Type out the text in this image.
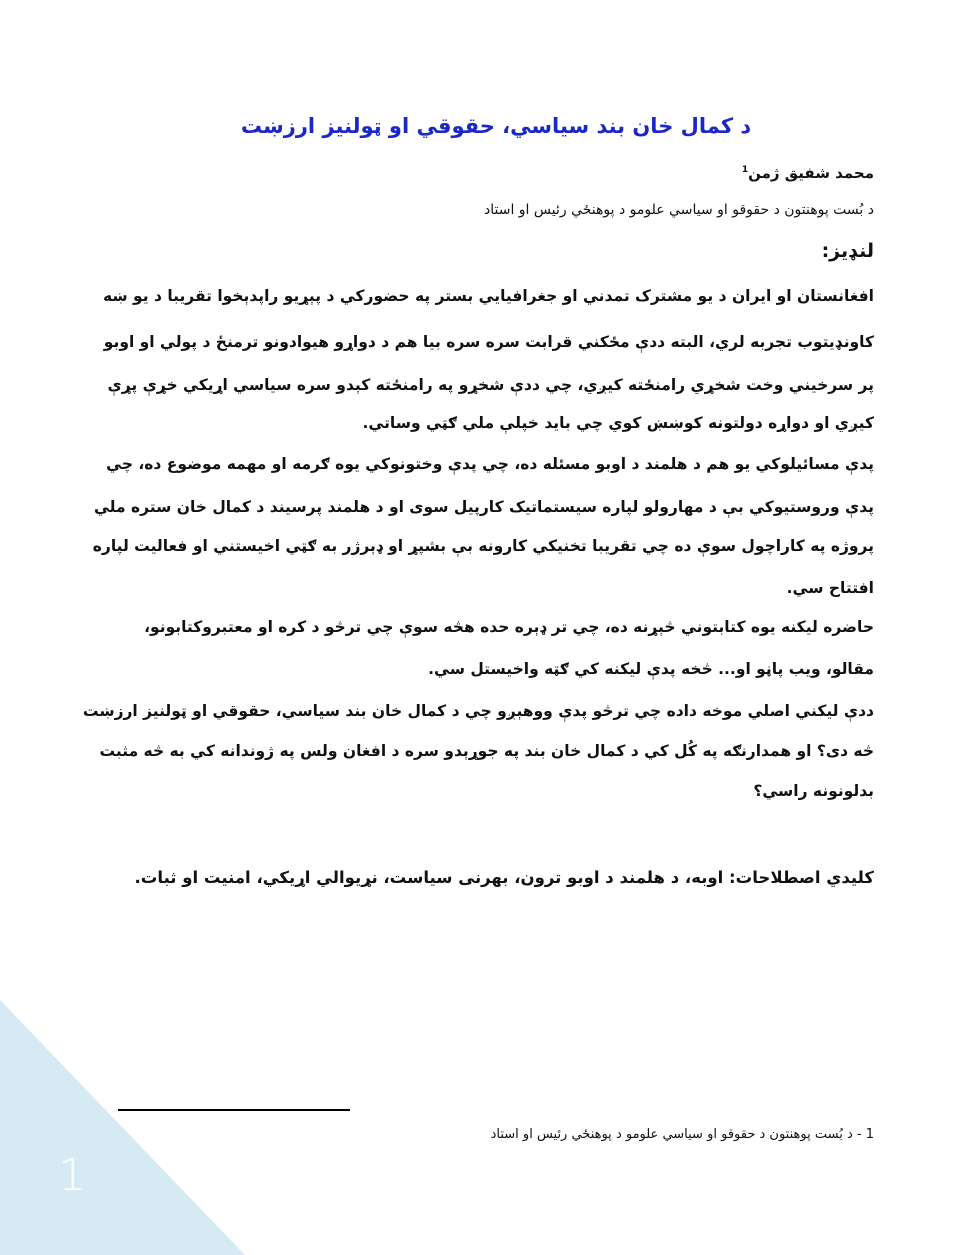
د کمال خان بند سیاسي، حقوقي او ټولنيز ارزښت
محمد شفیق ژمن$^1$
د بُست پوهنتون د حقوقو او سیاسي علومو د پوهنځي رئیس او استاد
لنډيز:
افغانستان او ايران د يو مشترک تمدني او جغرافيايي بستر په حضورکي د پېړيو راپدېخوا تقريبا د يو ښه
کاونډيتوب تجربه لري، البته ددې مځکني قرابت سره سره بيا هم د دواړو هيوادونو ترمنځ د پولي او اوبو
پر سرخيني وخت شخړي رامنځته کيږي، چي ددې شخړو په رامنځته کېدو سره سياسي اړيکي خړې پړې
کيږي او دواړه دولتونه کوښښ کوي چي بايد خپلې ملي ګټي وساتي.
پدې مسائيلوکي يو هم د هلمند د اوبو مسئله ده، چي پدې وختونوکي يوه ګرمه او مهمه موضوع ده، چي
پدې وروستيوکي بې د مهارولو لپاره سيستماتيک کارپيل سوی او د هلمند پرسيند د کمال خان ستره ملي
پروژه په کاراچول سوې ده چي تقريبا تخنيکي کارونه بې بشپړ او ډېرژر به ګټي اخيستني او فعاليت لپاره
افتتاح سي.
حاضره ليکنه يوه کتابتوني څېړنه ده، چي تر ډېره حده هڅه سوې چي ترڅو د کره او معتبروکتابونو،
مقالو، ويب پاڼو او... څخه پدې ليکنه کي ګټه واخيستل سي.
ددې ليکني اصلي موخه داده چي ترڅو پدې ووهېږو چي د کمال خان بند سياسي، حقوقي او ټولنيز ارزښت
څه دی؟ او همدارنګه په کُل کي د کمال خان بند په جوړېدو سره د افغان ولس په ژوندانه کي به څه مثبت
بدلونونه راسي؟
کليدي اصطلاحات: اوبه، د هلمند د اوبو ترون، بهرنی سياست، نړيوالي اړيکي، امنيت او ثبات.
1 - د بُست پوهنتون د حقوقو او سیاسي علومو د پوهنځي رئیس او استاد
1
